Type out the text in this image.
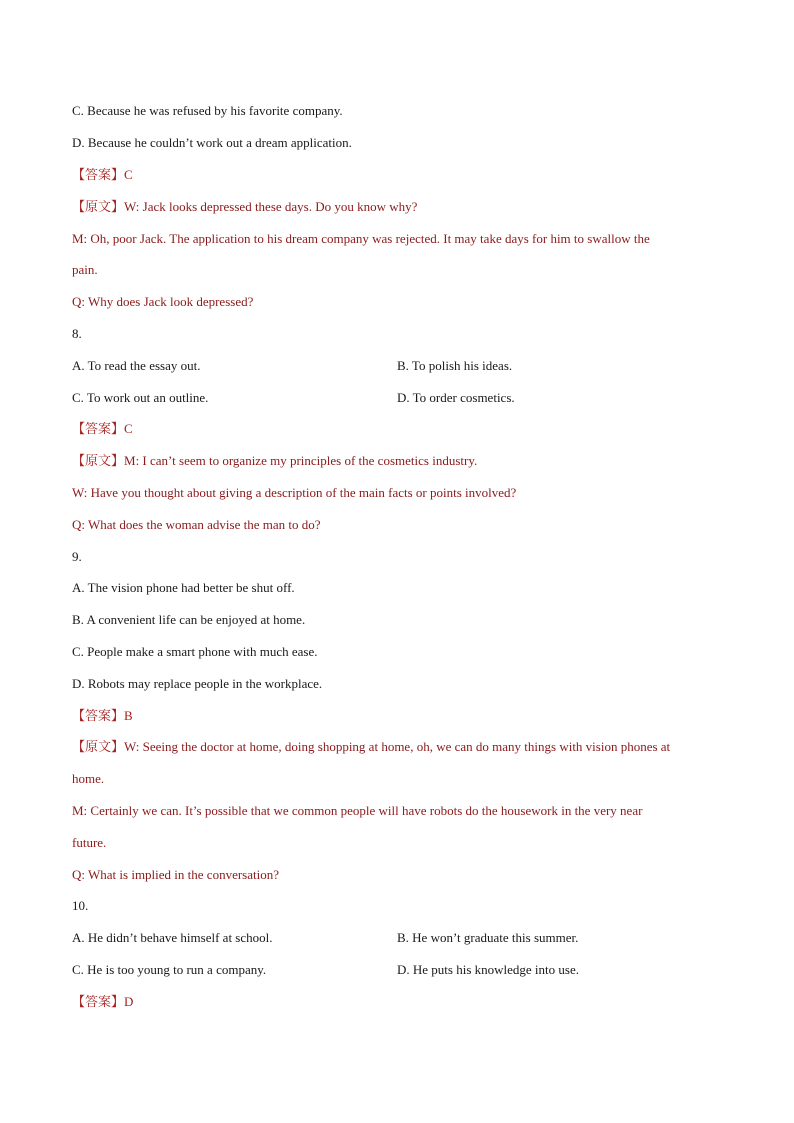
C. Because he was refused by his favorite company.
D. Because he couldn’t work out a dream application.
【答案】C
【原文】W: Jack looks depressed these days. Do you know why?
M: Oh, poor Jack. The application to his dream company was rejected. It may take days for him to swallow the
pain.
Q: Why does Jack look depressed?
8.
A. To read the essay out.	B. To polish his ideas.
C. To work out an outline.	D. To order cosmetics.
【答案】C
【原文】M: I can’t seem to organize my principles of the cosmetics industry.
W: Have you thought about giving a description of the main facts or points involved?
Q: What does the woman advise the man to do?
9.
A. The vision phone had better be shut off.
B. A convenient life can be enjoyed at home.
C. People make a smart phone with much ease.
D. Robots may replace people in the workplace.
【答案】B
【原文】W: Seeing the doctor at home, doing shopping at home, oh, we can do many things with vision phones at
home.
M: Certainly we can. It’s possible that we common people will have robots do the housework in the very near
future.
Q: What is implied in the conversation?
10.
A. He didn’t behave himself at school.	B. He won’t graduate this summer.
C. He is too young to run a company.	D. He puts his knowledge into use.
【答案】D
